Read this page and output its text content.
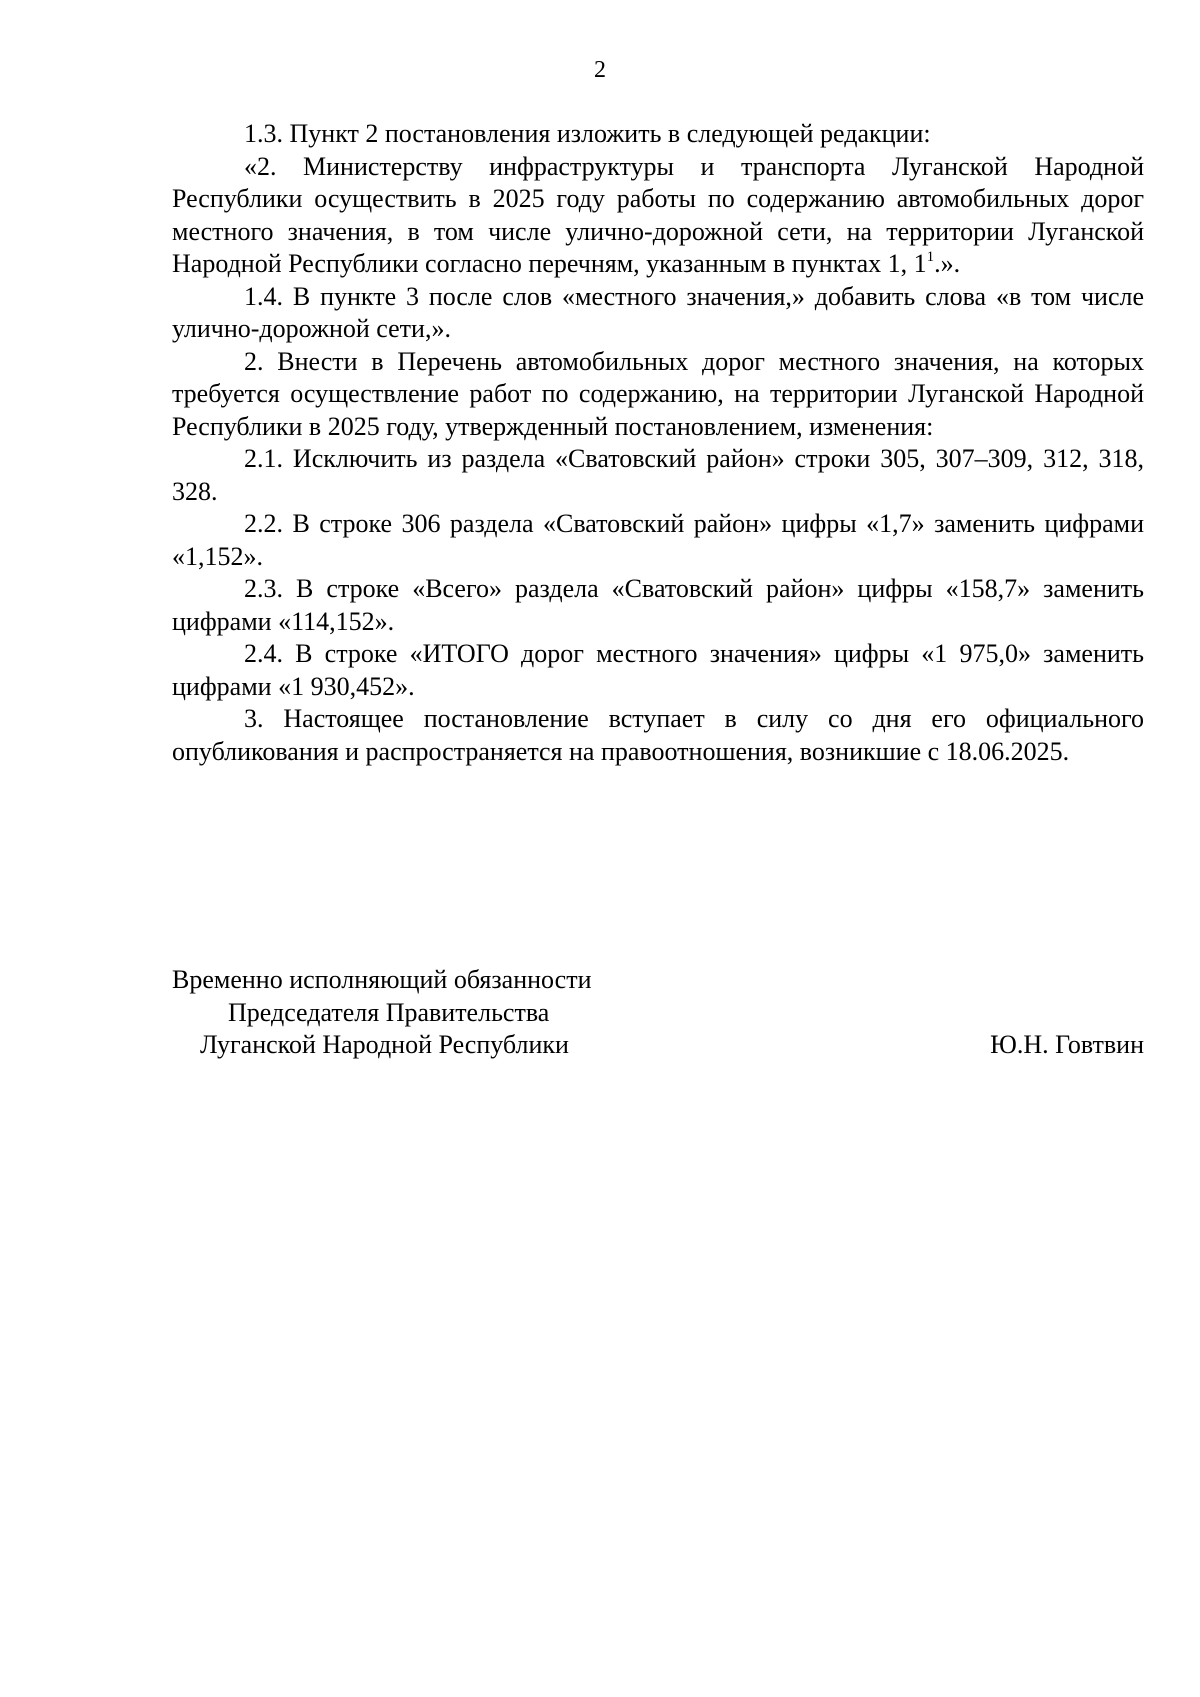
2

1.3. Пункт 2 постановления изложить в следующей редакции:

«2. Министерству инфраструктуры и транспорта Луганской Народной Республики осуществить в 2025 году работы по содержанию автомобильных дорог местного значения, в том числе улично-дорожной сети, на территории Луганской Народной Республики согласно перечням, указанным в пунктах 1, $1^1$.».

1.4. В пункте 3 после слов «местного значения,» добавить слова «в том числе улично-дорожной сети,».

2. Внести в Перечень автомобильных дорог местного значения, на которых требуется осуществление работ по содержанию, на территории Луганской Народной Республики в 2025 году, утвержденный постановлением, изменения:

2.1. Исключить из раздела «Сватовский район» строки 305, 307–309, 312, 318, 328.

2.2. В строке 306 раздела «Сватовский район» цифры «1,7» заменить цифрами «1,152».

2.3. В строке «Всего» раздела «Сватовский район» цифры «158,7» заменить цифрами «114,152».

2.4. В строке «ИТОГО дорог местного значения» цифры «1 975,0» заменить цифрами «1 930,452».

3. Настоящее постановление вступает в силу со дня его официального опубликования и распространяется на правоотношения, возникшие с 18.06.2025.

Временно исполняющий обязанности
Председателя Правительства
Луганской Народной Республики	Ю.Н. Говтвин
